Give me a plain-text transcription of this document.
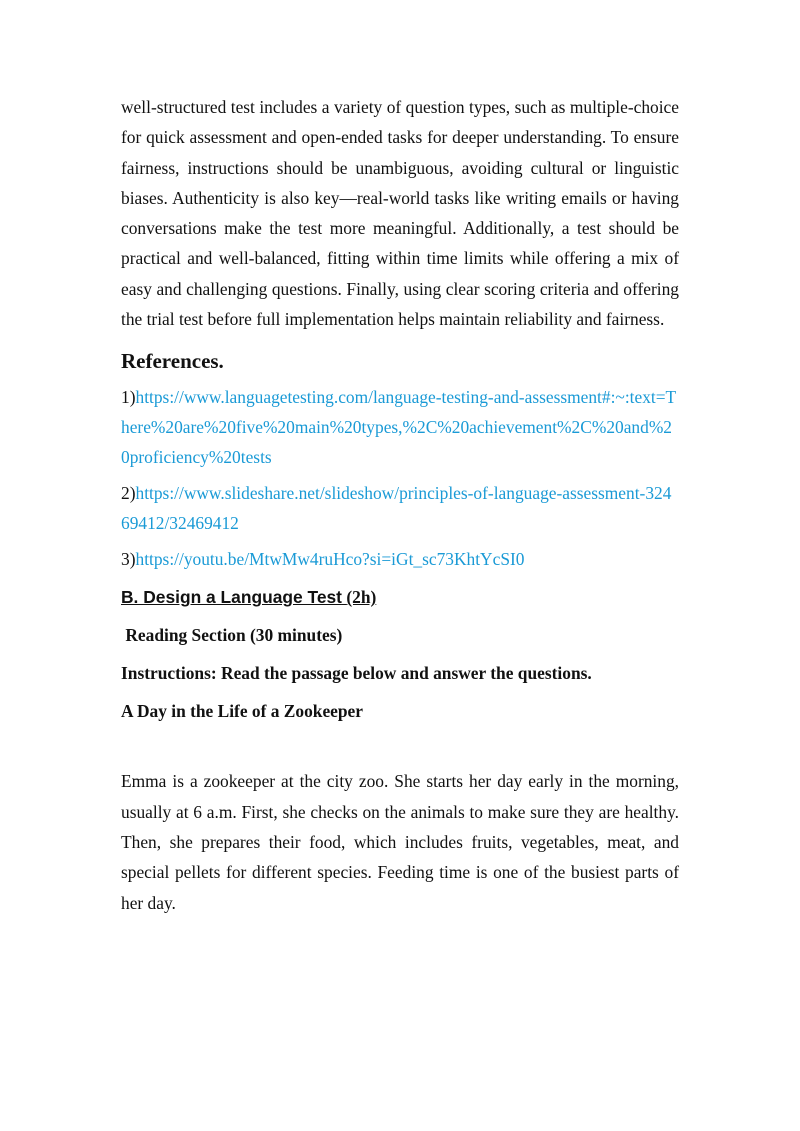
well-structured test includes a variety of question types, such as multiple-choice for quick assessment and open-ended tasks for deeper understanding. To ensure fairness, instructions should be unambiguous, avoiding cultural or linguistic biases. Authenticity is also key—real-world tasks like writing emails or having conversations make the test more meaningful. Additionally, a test should be practical and well-balanced, fitting within time limits while offering a mix of easy and challenging questions. Finally, using clear scoring criteria and offering the trial test before full implementation helps maintain reliability and fairness.

References.

1)https://www.languagetesting.com/language-testing-and-assessment#:~:text=There%20are%20five%20main%20types,%2C%20achievement%2C%20and%20proficiency%20tests

2)https://www.slideshare.net/slideshow/principles-of-language-assessment-32469412/32469412

3)https://youtu.be/MtwMw4ruHco?si=iGt_sc73KhtYcSI0

B. Design a Language Test (2h)
Reading Section (30 minutes)
Instructions: Read the passage below and answer the questions.
A Day in the Life of a Zookeeper

Emma is a zookeeper at the city zoo. She starts her day early in the morning, usually at 6 a.m. First, she checks on the animals to make sure they are healthy. Then, she prepares their food, which includes fruits, vegetables, meat, and special pellets for different species. Feeding time is one of the busiest parts of her day.
